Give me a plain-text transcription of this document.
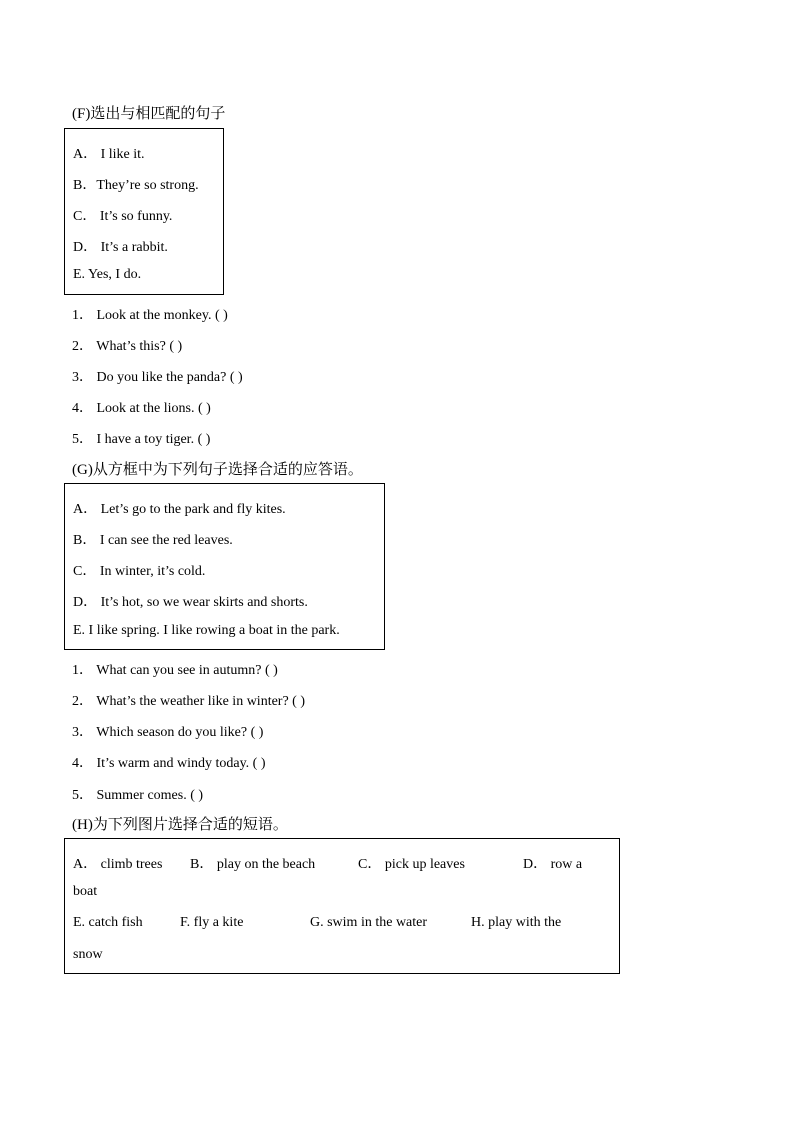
(F)选出与相匹配的句子
A． I like it.
B．They’re so strong.
C． It’s so funny.
D． It’s a rabbit.
E. Yes, I do.
1． Look at the monkey. ( )
2． What’s this? ( )
3． Do you like the panda? ( )
4． Look at the lions. ( )
5． I have a toy tiger. ( )
(G)从方框中为下列句子选择合适的应答语。
A． Let’s go to the park and fly kites.
B． I can see the red leaves.
C． In winter, it’s cold.
D． It’s hot, so we wear skirts and shorts.
E. I like spring. I like rowing a boat in the park.
1． What can you see in autumn? ( )
2． What’s the weather like in winter? ( )
3． Which season do you like? ( )
4． It’s warm and windy today. ( )
5． Summer comes. ( )
(H)为下列图片选择合适的短语。
A． climb trees B． play on the beach	C． pick up leaves	D． row a
boat
E. catch fish	F. fly a kite	G. swim in the water	H. play with the
snow
